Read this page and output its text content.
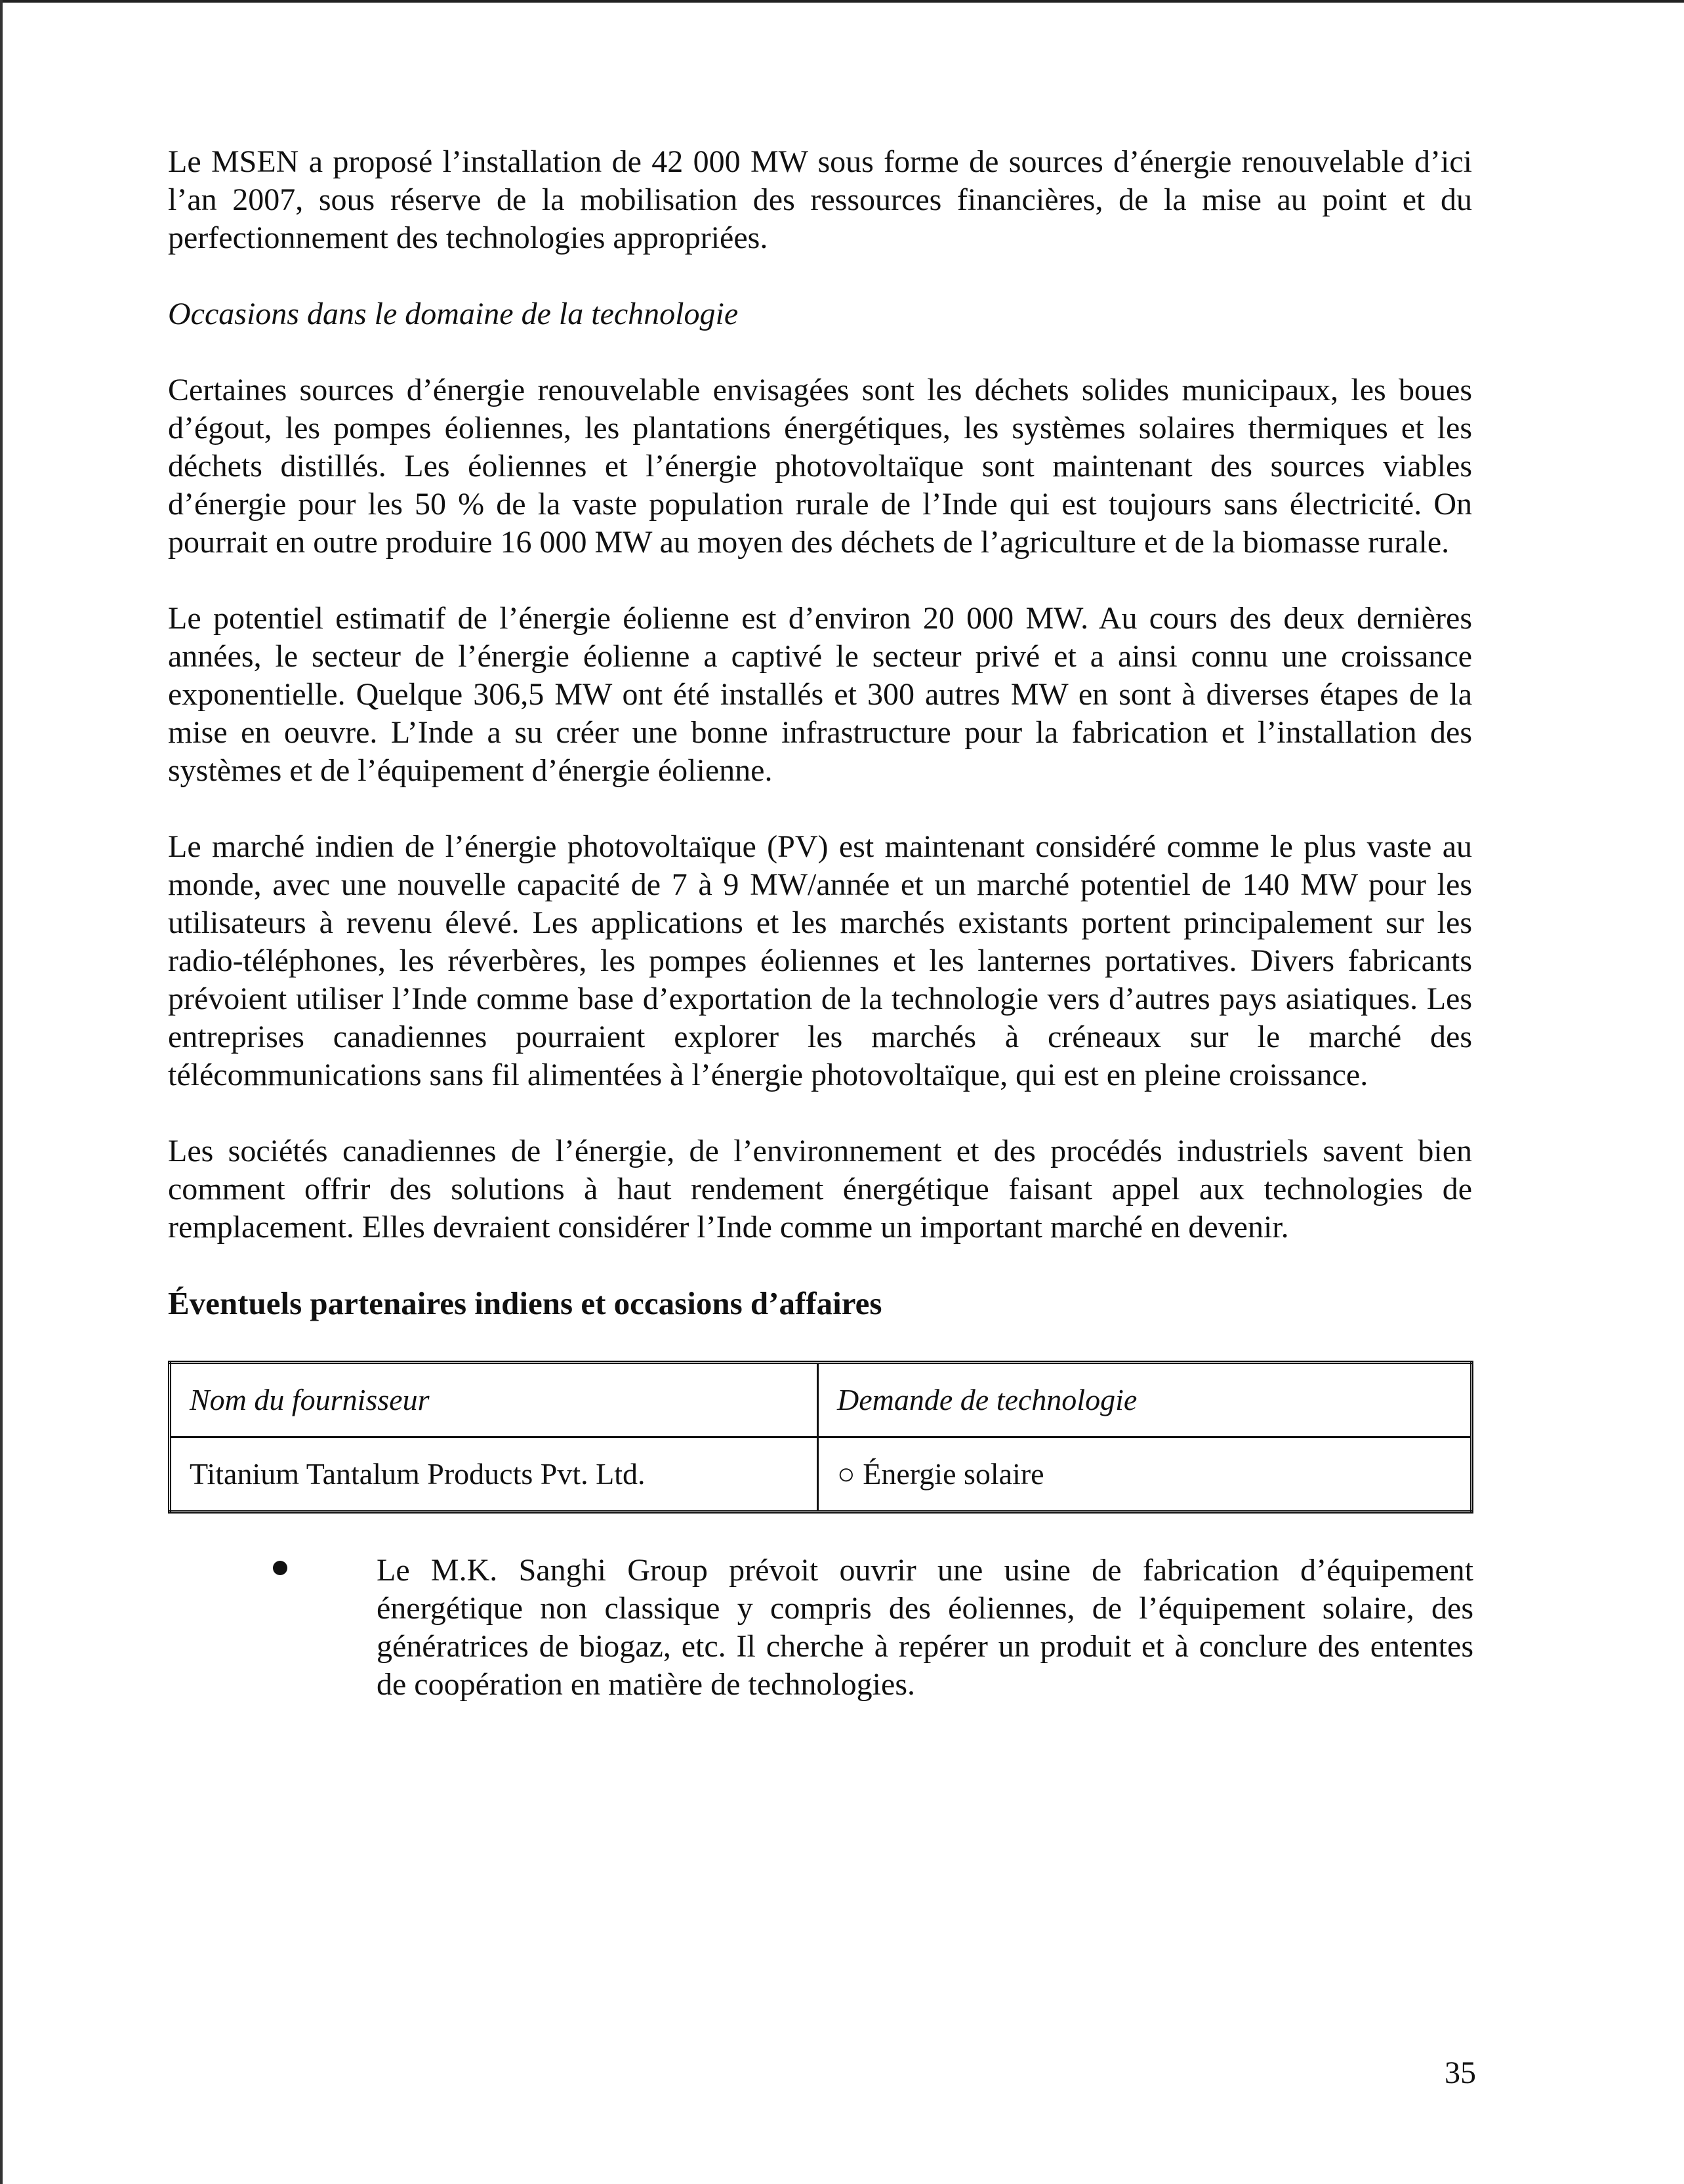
Le MSEN a proposé l’installation de 42 000 MW sous forme de sources d’énergie renouvelable d’ici l’an 2007, sous réserve de la mobilisation des ressources financières, de la mise au point et du perfectionnement des technologies appropriées.

Occasions dans le domaine de la technologie

Certaines sources d’énergie renouvelable envisagées sont les déchets solides municipaux, les boues d’égout, les pompes éoliennes, les plantations énergétiques, les systèmes solaires thermiques et les déchets distillés. Les éoliennes et l’énergie photovoltaïque sont maintenant des sources viables d’énergie pour les 50 % de la vaste population rurale de l’Inde qui est toujours sans électricité. On pourrait en outre produire 16 000 MW au moyen des déchets de l’agriculture et de la biomasse rurale.

Le potentiel estimatif de l’énergie éolienne est d’environ 20 000 MW. Au cours des deux dernières années, le secteur de l’énergie éolienne a captivé le secteur privé et a ainsi connu une croissance exponentielle. Quelque 306,5 MW ont été installés et 300 autres MW en sont à diverses étapes de la mise en oeuvre. L’Inde a su créer une bonne infrastructure pour la fabrication et l’installation des systèmes et de l’équipement d’énergie éolienne.

Le marché indien de l’énergie photovoltaïque (PV) est maintenant considéré comme le plus vaste au monde, avec une nouvelle capacité de 7 à 9 MW/année et un marché potentiel de 140 MW pour les utilisateurs à revenu élevé. Les applications et les marchés existants portent principalement sur les radio-téléphones, les réverbères, les pompes éoliennes et les lanternes portatives. Divers fabricants prévoient utiliser l’Inde comme base d’exportation de la technologie vers d’autres pays asiatiques. Les entreprises canadiennes pourraient explorer les marchés à créneaux sur le marché des télécommunications sans fil alimentées à l’énergie photovoltaïque, qui est en pleine croissance.

Les sociétés canadiennes de l’énergie, de l’environnement et des procédés industriels savent bien comment offrir des solutions à haut rendement énergétique faisant appel aux technologies de remplacement. Elles devraient considérer l’Inde comme un important marché en devenir.

Éventuels partenaires indiens et occasions d’affaires

Nom du fournisseur	Demande de technologie
Titanium Tantalum Products Pvt. Ltd.	○ Énergie solaire

Le M.K. Sanghi Group prévoit ouvrir une usine de fabrication d’équipement énergétique non classique y compris des éoliennes, de l’équipement solaire, des génératrices de biogaz, etc. Il cherche à repérer un produit et à conclure des ententes de coopération en matière de technologies.

35
